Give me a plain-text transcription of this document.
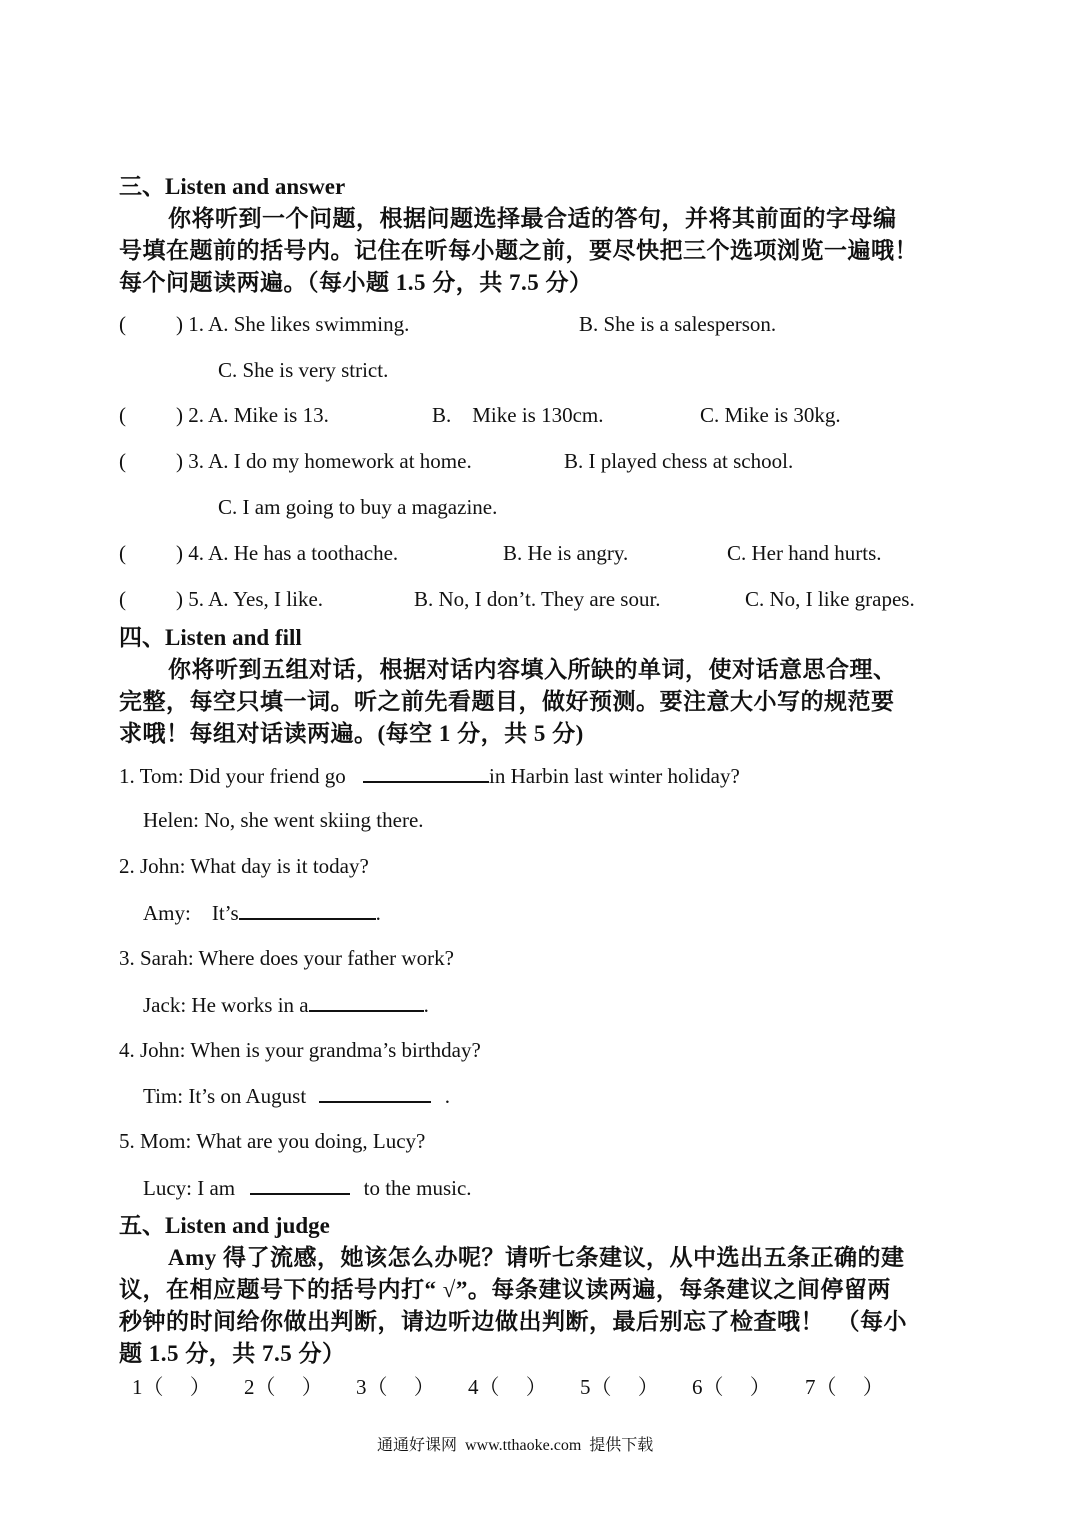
三、Listen and answer
你将听到一个问题，根据问题选择最合适的答句，并将其前面的字母编
号填在题前的括号内。记住在听每小题之前，要尽快把三个选项浏览一遍哦！
每个问题读两遍。（每小题 1.5 分，共 7.5 分）
( ) 1. A. She likes swimming.	B. She is a salesperson.
C. She is very strict.
( ) 2. A. Mike is 13.	B.    Mike is 130cm.	C. Mike is 30kg.
( ) 3. A. I do my homework at home.	B. I played chess at school.
C. I am going to buy a magazine.
( ) 4. A. He has a toothache.	B. He is angry.	C. Her hand hurts.
( ) 5. A. Yes, I like.	B. No, I don’t. They are sour.	C. No, I like grapes.
四、Listen and fill
你将听到五组对话，根据对话内容填入所缺的单词，使对话意思合理、
完整，每空只填一词。听之前先看题目，做好预测。要注意大小写的规范要
求哦！每组对话读两遍。(每空 1 分，共 5 分)
1. Tom: Did your friend go	in Harbin last winter holiday?
Helen: No, she went skiing there.
2. John: What day is it today?
Amy:    It’s	.
3. Sarah: Where does your father work?
Jack: He works in a	.
4. John: When is your grandma’s birthday?
Tim: It’s on August	.
5. Mom: What are you doing, Lucy?
Lucy: I am	to the music.
五、Listen and judge
Amy 得了流感，她该怎么办呢？请听七条建议，从中选出五条正确的建
议，在相应题号下的括号内打“ √”。每条建议读两遍，每条建议之间停留两
秒钟的时间给你做出判断，请边听边做出判断，最后别忘了检查哦！  （每小
题 1.5 分，共 7.5 分）
1（     ） 2（     ） 3（     ） 4（     ） 5（     ） 6（     ） 7（     ）
通通好课网  www.tthaoke.com  提供下载
